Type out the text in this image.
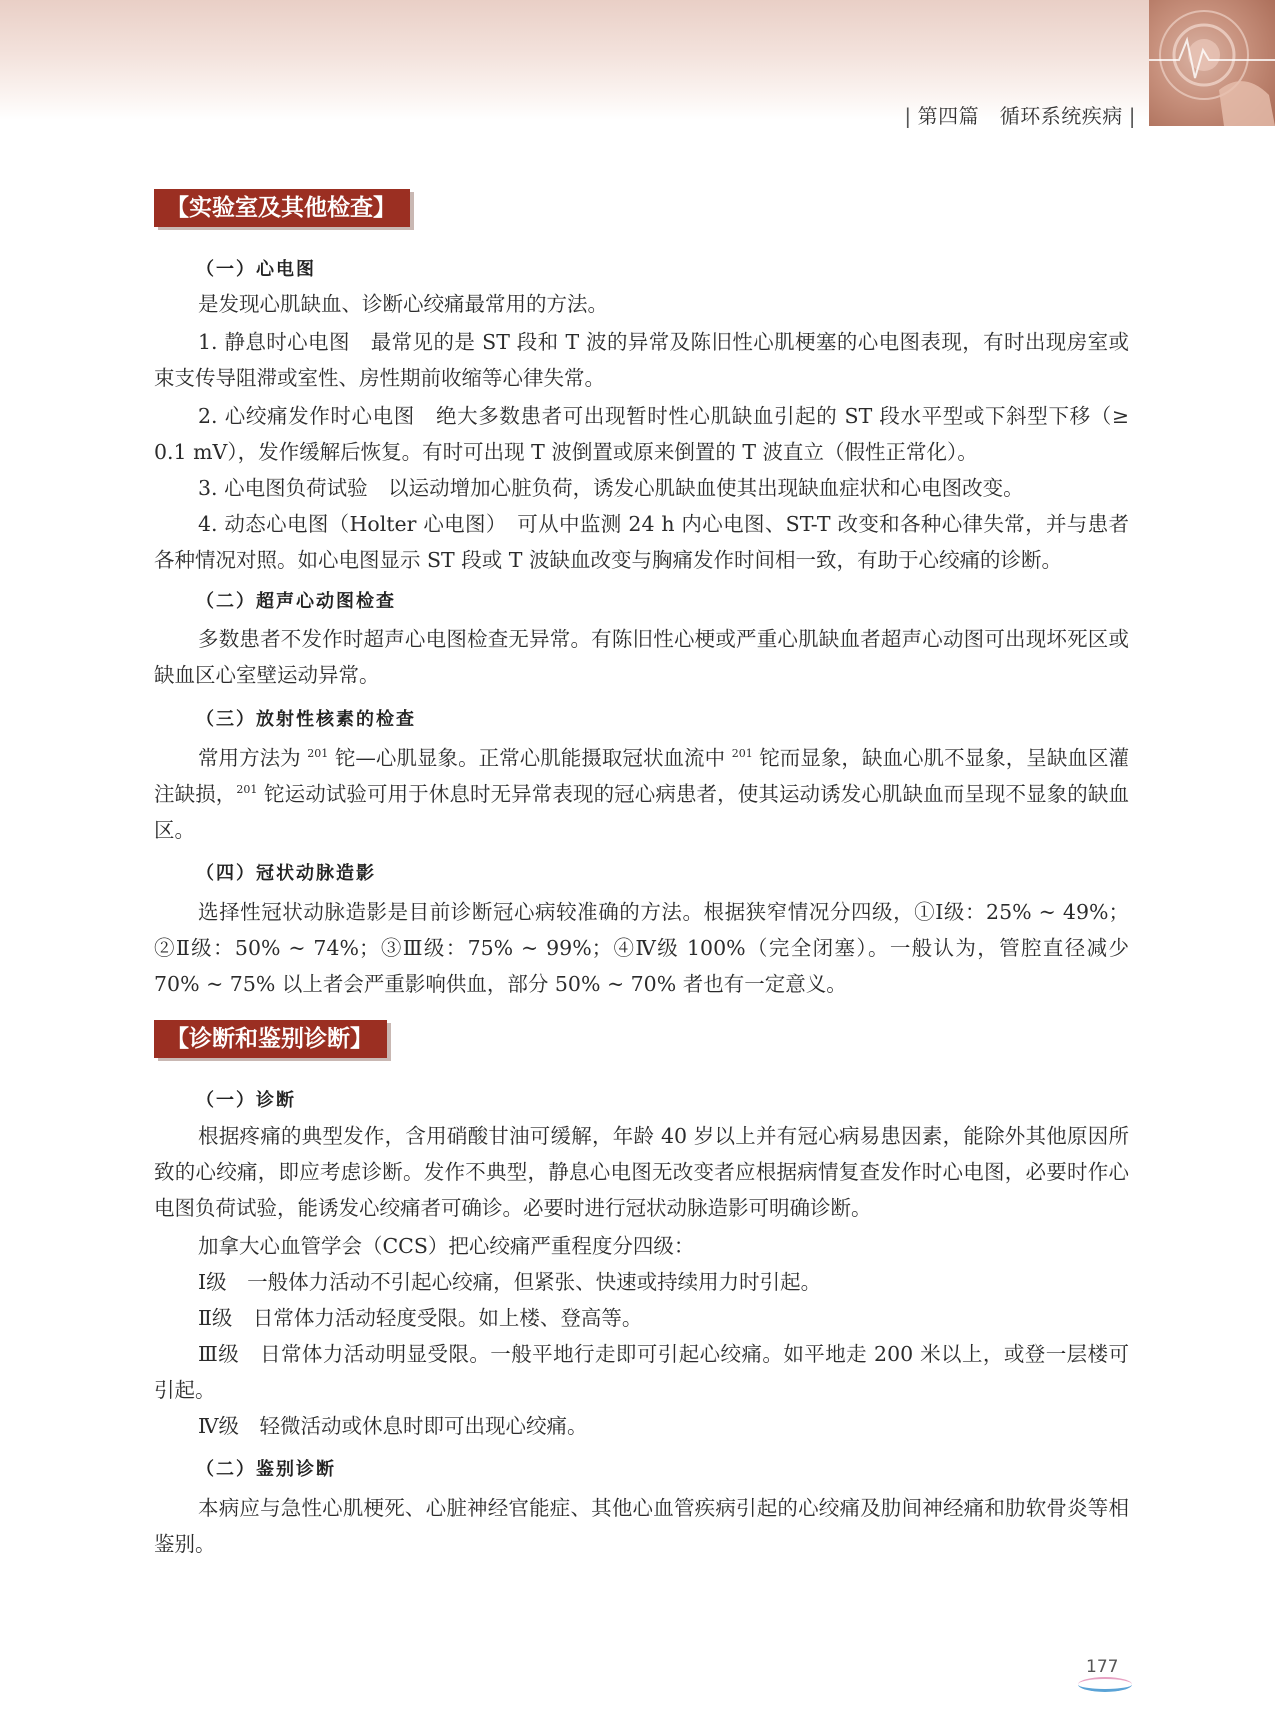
| 第四篇 循环系统疾病 |
【实验室及其他检查】
（一）心电图

是发现心肌缺血、诊断心绞痛最常用的方法。

1. 静息时心电图　最常见的是 ST 段和 T 波的异常及陈旧性心肌梗塞的心电图表现，有时出现房室或束支传导阻滞或室性、房性期前收缩等心律失常。

2. 心绞痛发作时心电图　绝大多数患者可出现暂时性心肌缺血引起的 ST 段水平型或下斜型下移（≥ 0.1 mV），发作缓解后恢复。有时可出现 T 波倒置或原来倒置的 T 波直立（假性正常化）。

3. 心电图负荷试验　以运动增加心脏负荷，诱发心肌缺血使其出现缺血症状和心电图改变。

4. 动态心电图（Holter 心电图）　可从中监测 24 h 内心电图、ST-T 改变和各种心律失常，并与患者各种情况对照。如心电图显示 ST 段或 T 波缺血改变与胸痛发作时间相一致，有助于心绞痛的诊断。

（二）超声心动图检查

多数患者不发作时超声心电图检查无异常。有陈旧性心梗或严重心肌缺血者超声心动图可出现坏死区或缺血区心室壁运动异常。

（三）放射性核素的检查

常用方法为 $^{201}$ 铊—心肌显象。正常心肌能摄取冠状血流中 $^{201}$ 铊而显象，缺血心肌不显象，呈缺血区灌注缺损，$^{201}$ 铊运动试验可用于休息时无异常表现的冠心病患者，使其运动诱发心肌缺血而呈现不显象的缺血区。

（四）冠状动脉造影

选择性冠状动脉造影是目前诊断冠心病较准确的方法。根据狭窄情况分四级，①Ⅰ级：25% ~ 49%；②Ⅱ级：50% ~ 74%；③Ⅲ级：75% ~ 99%；④Ⅳ级 100%（完全闭塞）。一般认为，管腔直径减少 70% ~ 75% 以上者会严重影响供血，部分 50% ~ 70% 者也有一定意义。

【诊断和鉴别诊断】
（一）诊断

根据疼痛的典型发作，含用硝酸甘油可缓解，年龄 40 岁以上并有冠心病易患因素，能除外其他原因所致的心绞痛，即应考虑诊断。发作不典型，静息心电图无改变者应根据病情复查发作时心电图，必要时作心电图负荷试验，能诱发心绞痛者可确诊。必要时进行冠状动脉造影可明确诊断。

加拿大心血管学会（CCS）把心绞痛严重程度分四级：

Ⅰ级　一般体力活动不引起心绞痛，但紧张、快速或持续用力时引起。

Ⅱ级　日常体力活动轻度受限。如上楼、登高等。

Ⅲ级　日常体力活动明显受限。一般平地行走即可引起心绞痛。如平地走 200 米以上，或登一层楼可引起。

Ⅳ级　轻微活动或休息时即可出现心绞痛。

（二）鉴别诊断

本病应与急性心肌梗死、心脏神经官能症、其他心血管疾病引起的心绞痛及肋间神经痛和肋软骨炎等相鉴别。

177
